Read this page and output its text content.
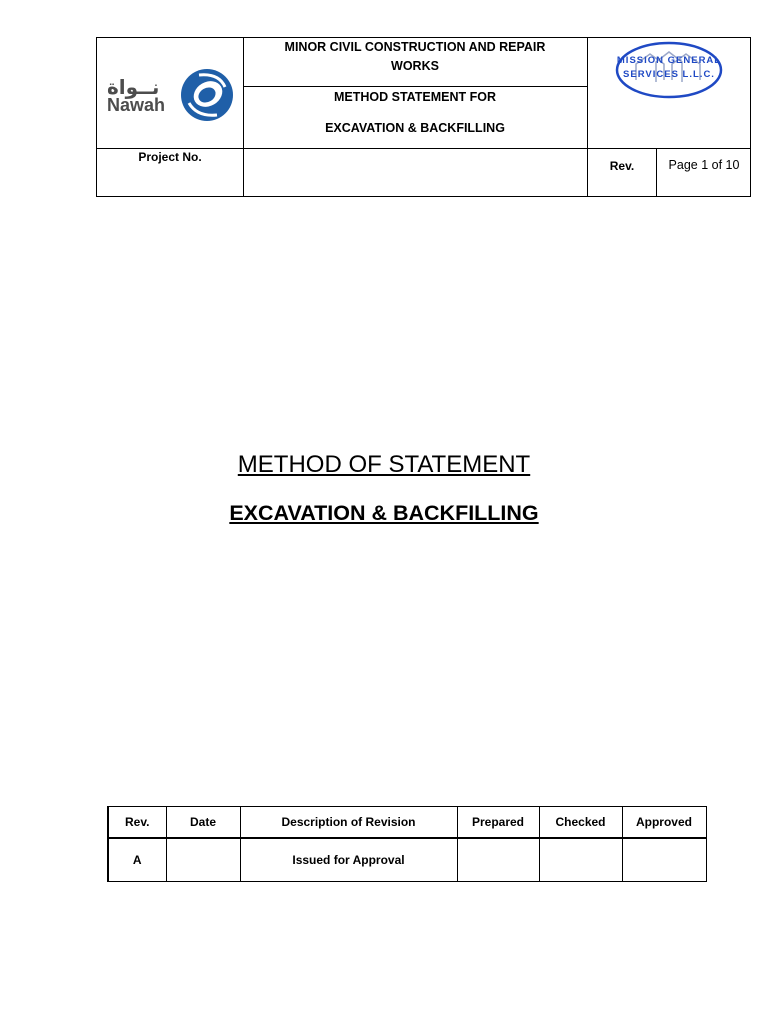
نــواة
Nawah
MINOR CIVIL CONSTRUCTION AND REPAIR
WORKS
METHOD STATEMENT FOR
EXCAVATION & BACKFILLING
MISSION GENERAL
SERVICES L.L.C.
Project No.
Rev.	Page 1 of 10
METHOD OF STATEMENT
EXCAVATION & BACKFILLING
Rev.	Date	Description of Revision	Prepared	Checked	Approved
A		Issued for Approval			
